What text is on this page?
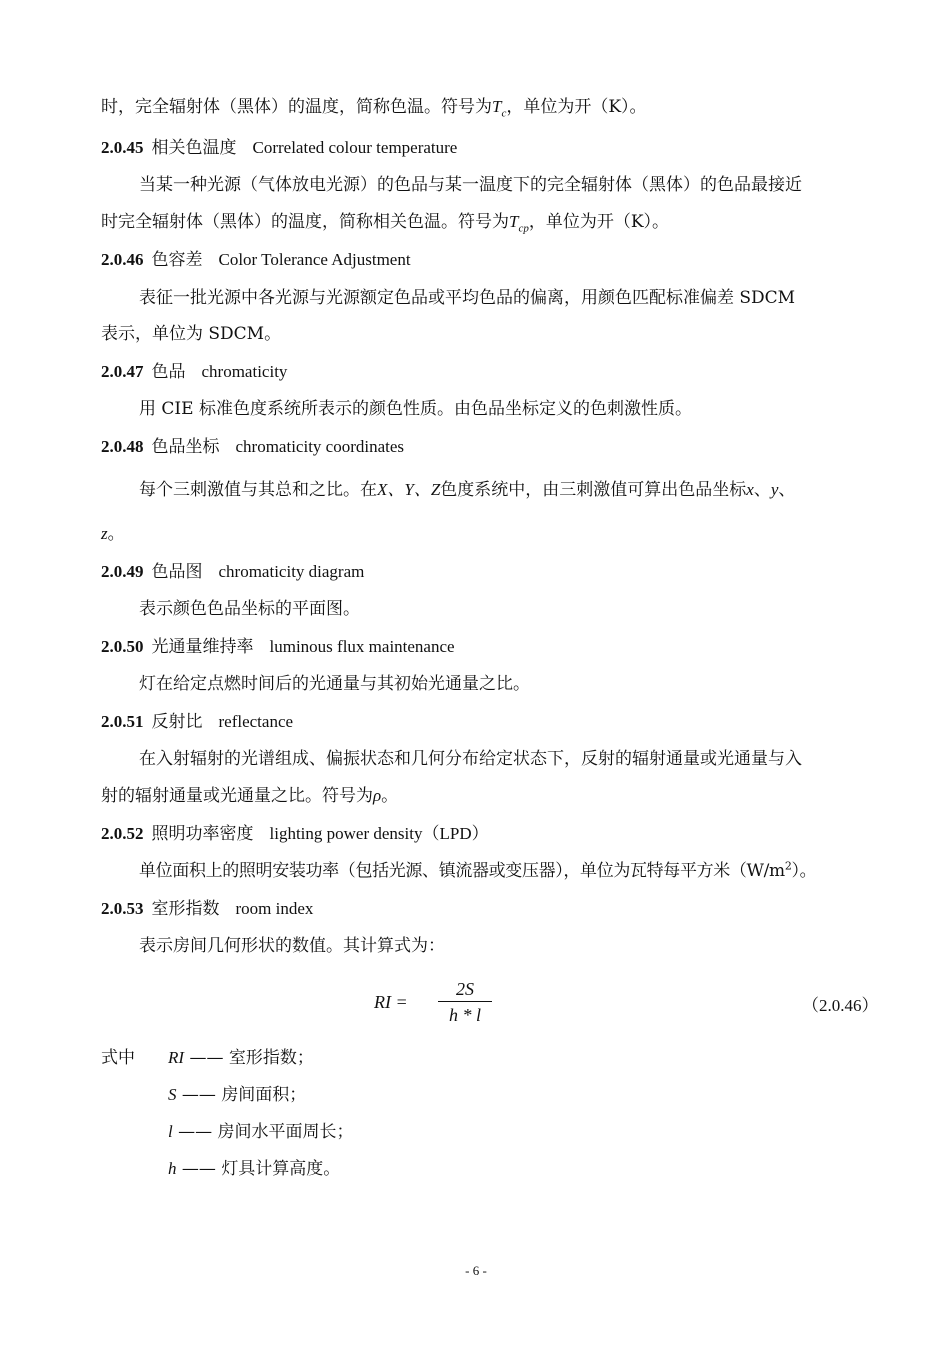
时，完全辐射体（黑体）的温度，简称色温。符号为$T_c$，单位为开（K）。
2.0.45 相关色温度 Correlated colour temperature
当某一种光源（气体放电光源）的色品与某一温度下的完全辐射体（黑体）的色品最接近
时完全辐射体（黑体）的温度，简称相关色温。符号为$T_{cp}$，单位为开（K）。
2.0.46 色容差 Color Tolerance Adjustment
表征一批光源中各光源与光源额定色品或平均色品的偏离，用颜色匹配标准偏差 SDCM
表示，单位为 SDCM。
2.0.47 色品 chromaticity
用 CIE 标准色度系统所表示的颜色性质。由色品坐标定义的色刺激性质。
2.0.48 色品坐标 chromaticity coordinates
每个三刺激值与其总和之比。在X、Y、Z色度系统中，由三刺激值可算出色品坐标x、y、
z。
2.0.49 色品图 chromaticity diagram
表示颜色色品坐标的平面图。
2.0.50 光通量维持率 luminous flux maintenance
灯在给定点燃时间后的光通量与其初始光通量之比。
2.0.51 反射比 reflectance
在入射辐射的光谱组成、偏振状态和几何分布给定状态下，反射的辐射通量或光通量与入
射的辐射通量或光通量之比。符号为ρ。
2.0.52 照明功率密度 lighting power density（LPD）
单位面积上的照明安装功率（包括光源、镇流器或变压器），单位为瓦特每平方米$(W/m^2)$。
2.0.53 室形指数 room index
表示房间几何形状的数值。其计算式为：
RI =
2S
h * l	（2.0.46）
式中 RI —— 室形指数；
S —— 房间面积；
l —— 房间水平面周长；
h —— 灯具计算高度。
- 6 -
